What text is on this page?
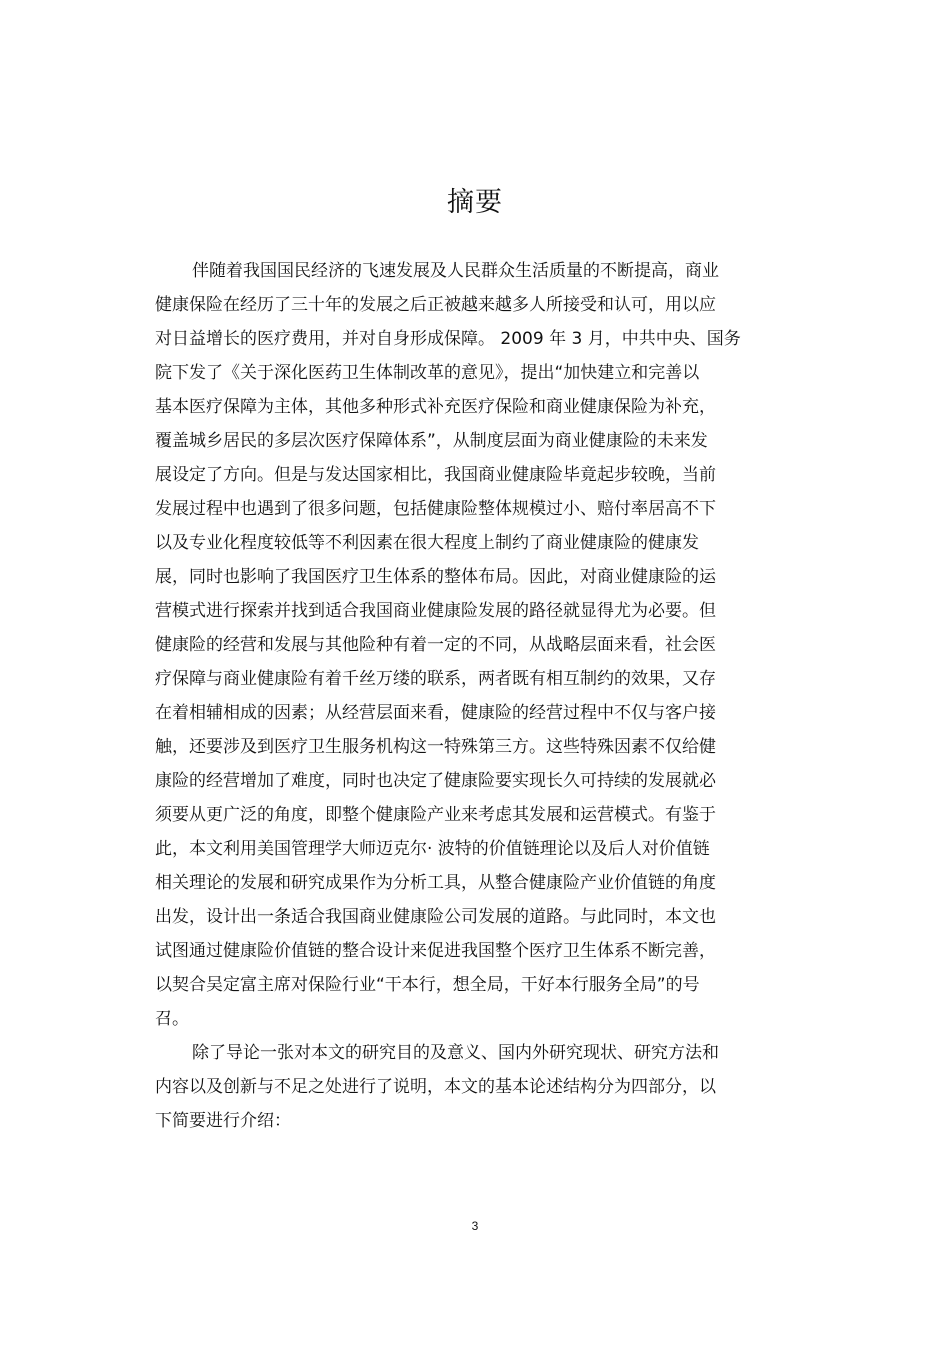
摘要
伴随着我国国民经济的飞速发展及人民群众生活质量的不断提高，商业
健康保险在经历了三十年的发展之后正被越来越多人所接受和认可，用以应
对日益增长的医疗费用，并对自身形成保障。 2009 年 3 月，中共中央、国务
院下发了《关于深化医药卫生体制改革的意见》，提出“加快建立和完善以
基本医疗保障为主体，其他多种形式补充医疗保险和商业健康保险为补充，
覆盖城乡居民的多层次医疗保障体系”，从制度层面为商业健康险的未来发
展设定了方向。但是与发达国家相比，我国商业健康险毕竟起步较晚，当前
发展过程中也遇到了很多问题，包括健康险整体规模过小、赔付率居高不下
以及专业化程度较低等不利因素在很大程度上制约了商业健康险的健康发
展，同时也影响了我国医疗卫生体系的整体布局。因此，对商业健康险的运
营模式进行探索并找到适合我国商业健康险发展的路径就显得尤为必要。但
健康险的经营和发展与其他险种有着一定的不同，从战略层面来看，社会医
疗保障与商业健康险有着千丝万缕的联系，两者既有相互制约的效果，又存
在着相辅相成的因素；从经营层面来看，健康险的经营过程中不仅与客户接
触，还要涉及到医疗卫生服务机构这一特殊第三方。这些特殊因素不仅给健
康险的经营增加了难度，同时也决定了健康险要实现长久可持续的发展就必
须要从更广泛的角度，即整个健康险产业来考虑其发展和运营模式。有鉴于
此，本文利用美国管理学大师迈克尔· 波特的价值链理论以及后人对价值链
相关理论的发展和研究成果作为分析工具，从整合健康险产业价值链的角度
出发，设计出一条适合我国商业健康险公司发展的道路。与此同时，本文也
试图通过健康险价值链的整合设计来促进我国整个医疗卫生体系不断完善，
以契合吴定富主席对保险行业“干本行，想全局，干好本行服务全局”的号
召。
除了导论一张对本文的研究目的及意义、国内外研究现状、研究方法和
内容以及创新与不足之处进行了说明，本文的基本论述结构分为四部分，以
下简要进行介绍：
3
